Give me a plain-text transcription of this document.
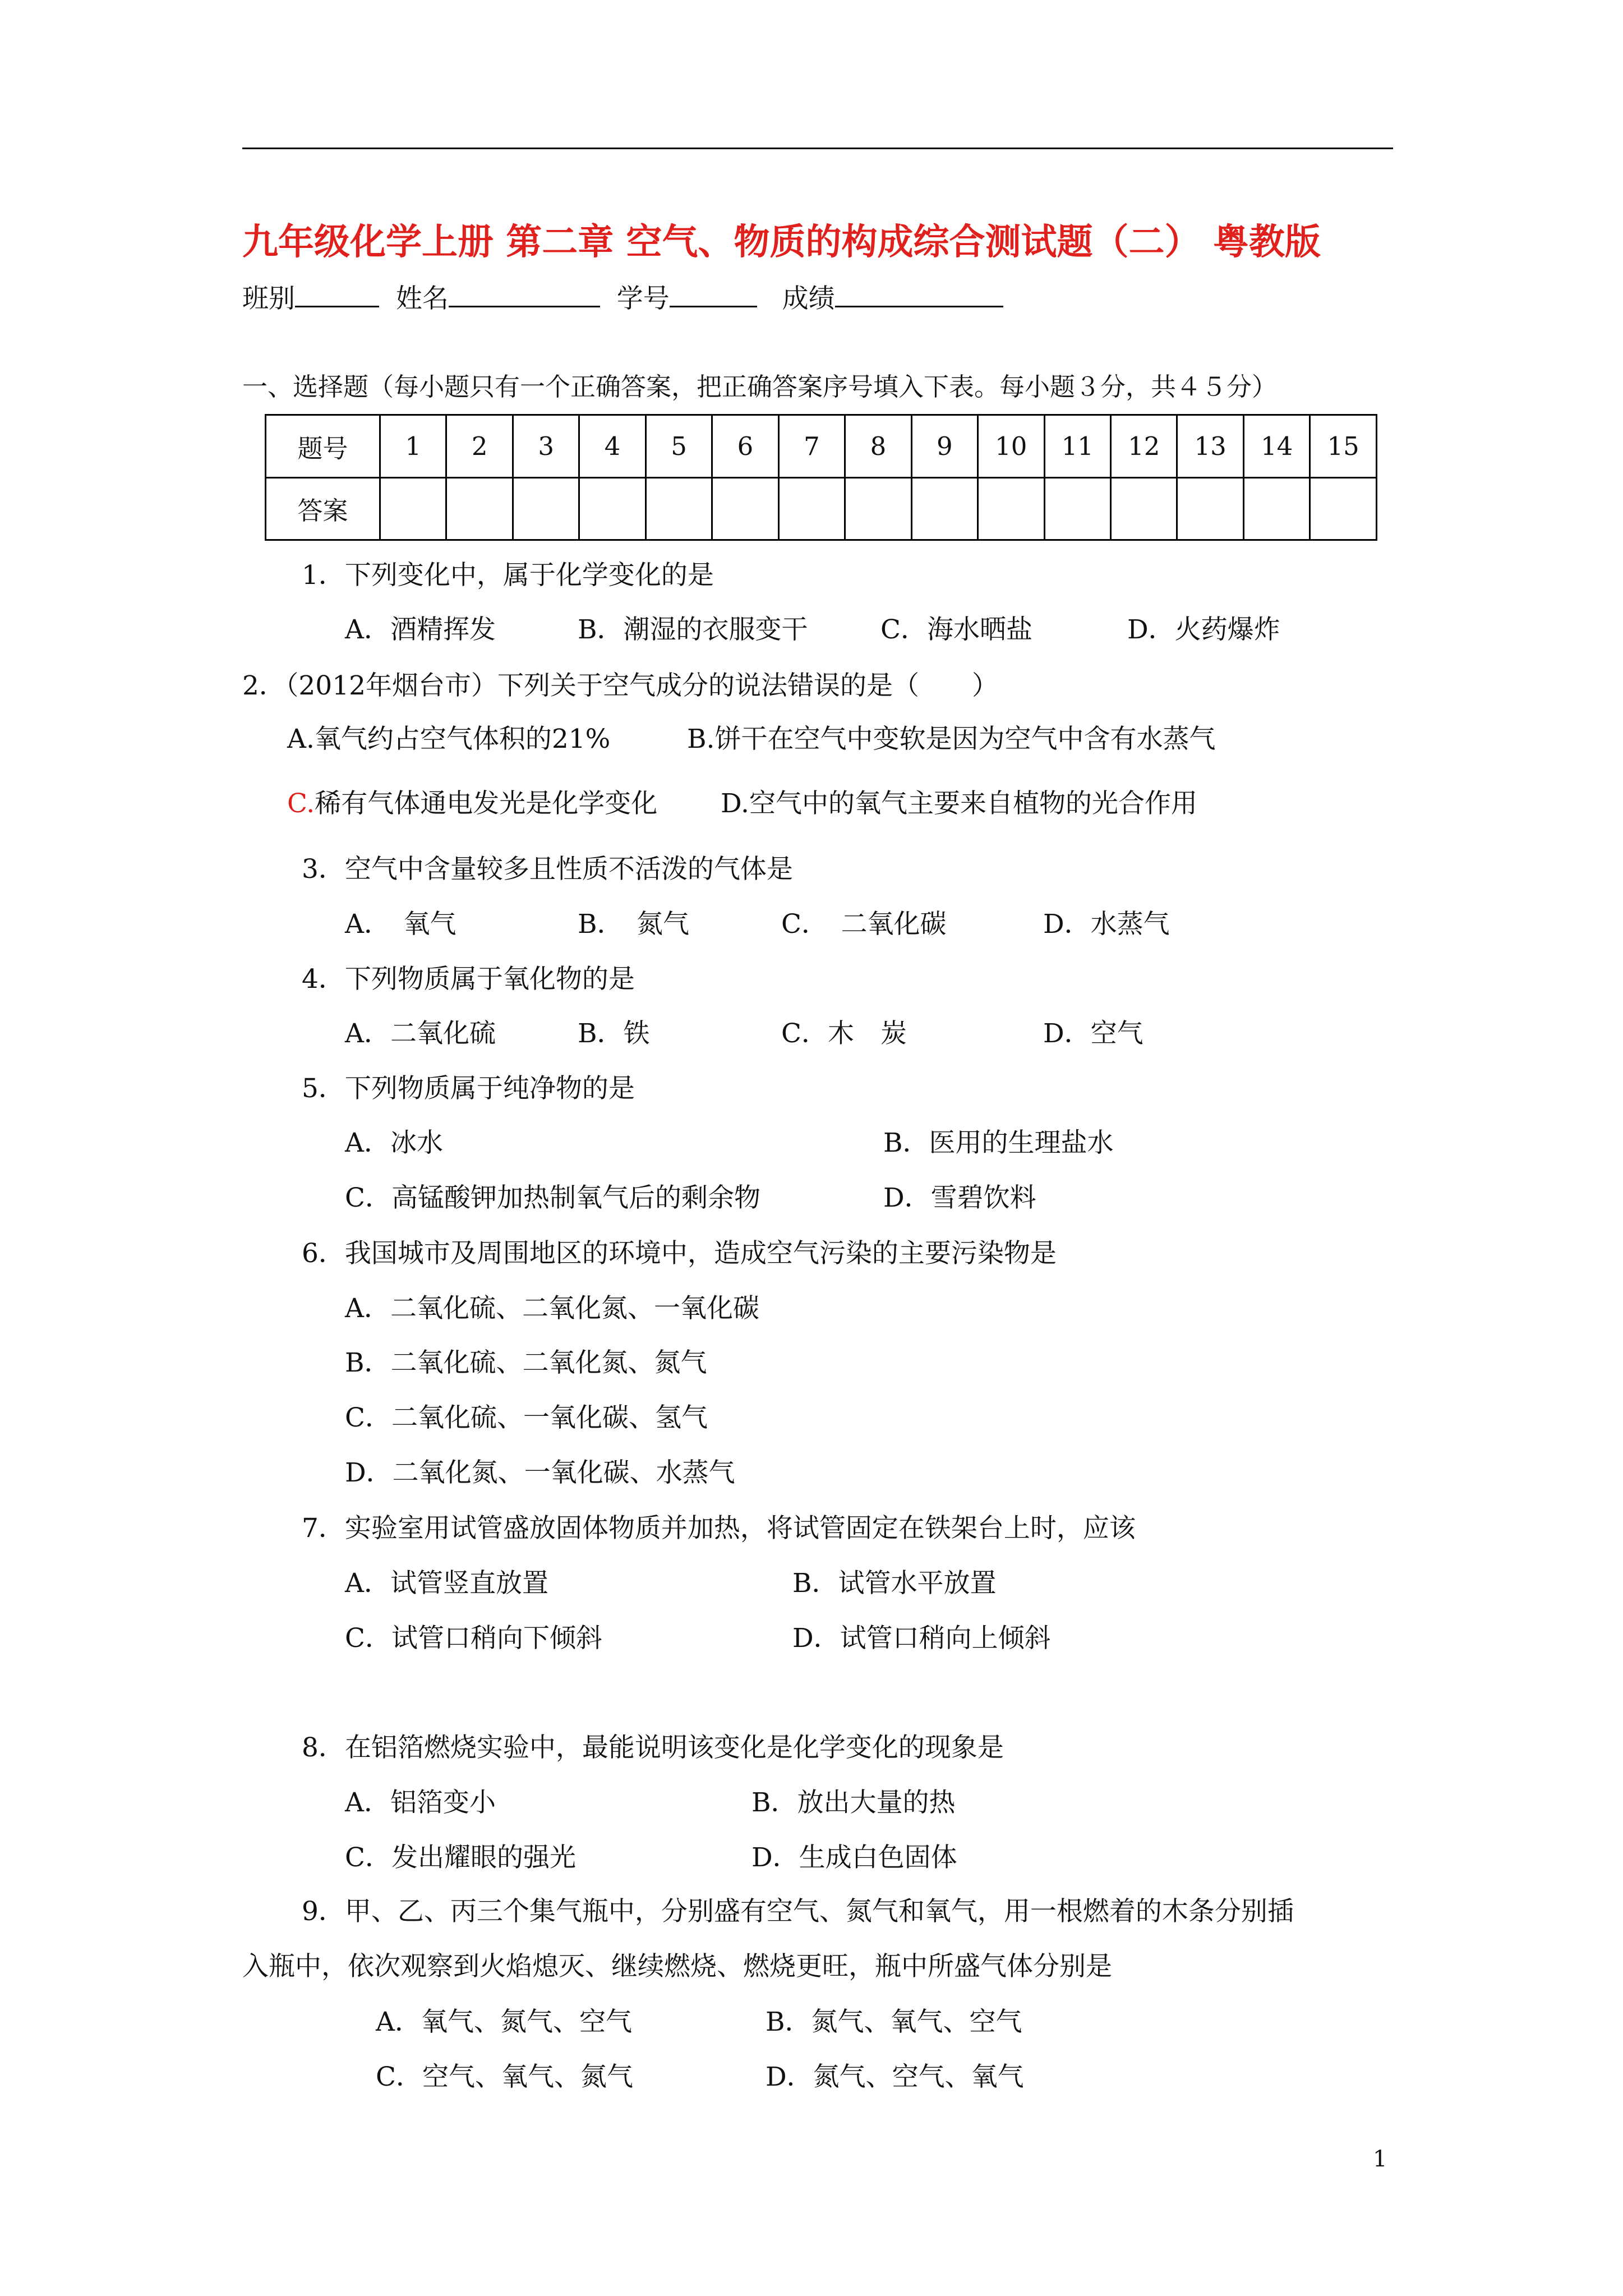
九年级化学上册 第二章 空气、物质的构成综合测试题（二） 粤教版
班别	姓名	学号	成绩
一、选择题（每小题只有一个正确答案，把正确答案序号填入下表。每小题３分，共４５分）
题号	1	2	3	4	5	6	7	8	9	10	11	12	13	14	15
答案															
1．下列变化中，属于化学变化的是
A．酒精挥发	B．潮湿的衣服变干	C．海水晒盐	D．火药爆炸
2．（2012年烟台市）下列关于空气成分的说法错误的是（　　）
A.氧气约占空气体积的21%	B.饼干在空气中变软是因为空气中含有水蒸气
C.稀有气体通电发光是化学变化 D.空气中的氧气主要来自植物的光合作用
3．空气中含量较多且性质不活泼的气体是
A．　氧气	B．　氮气	C．　二氧化碳	D．水蒸气
4．下列物质属于氧化物的是
A．二氧化硫	B．铁	C．木　炭	D．空气
5．下列物质属于纯净物的是
A．冰水	B．医用的生理盐水
C．高锰酸钾加热制氧气后的剩余物	D．雪碧饮料
6．我国城市及周围地区的环境中，造成空气污染的主要污染物是
A．二氧化硫、二氧化氮、一氧化碳
B．二氧化硫、二氧化氮、氮气
C．二氧化硫、一氧化碳、氢气
D．二氧化氮、一氧化碳、水蒸气
7．实验室用试管盛放固体物质并加热，将试管固定在铁架台上时，应该
A．试管竖直放置	B．试管水平放置
C．试管口稍向下倾斜	D．试管口稍向上倾斜
8．在铝箔燃烧实验中，最能说明该变化是化学变化的现象是
A．铝箔变小	B．放出大量的热
C．发出耀眼的强光	D．生成白色固体
9．甲、乙、丙三个集气瓶中，分别盛有空气、氮气和氧气，用一根燃着的木条分别插
入瓶中，依次观察到火焰熄灭、继续燃烧、燃烧更旺，瓶中所盛气体分别是
A．氧气、氮气、空气	B．氮气、氧气、空气
C．空气、氧气、氮气	D．氮气、空气、氧气
1
